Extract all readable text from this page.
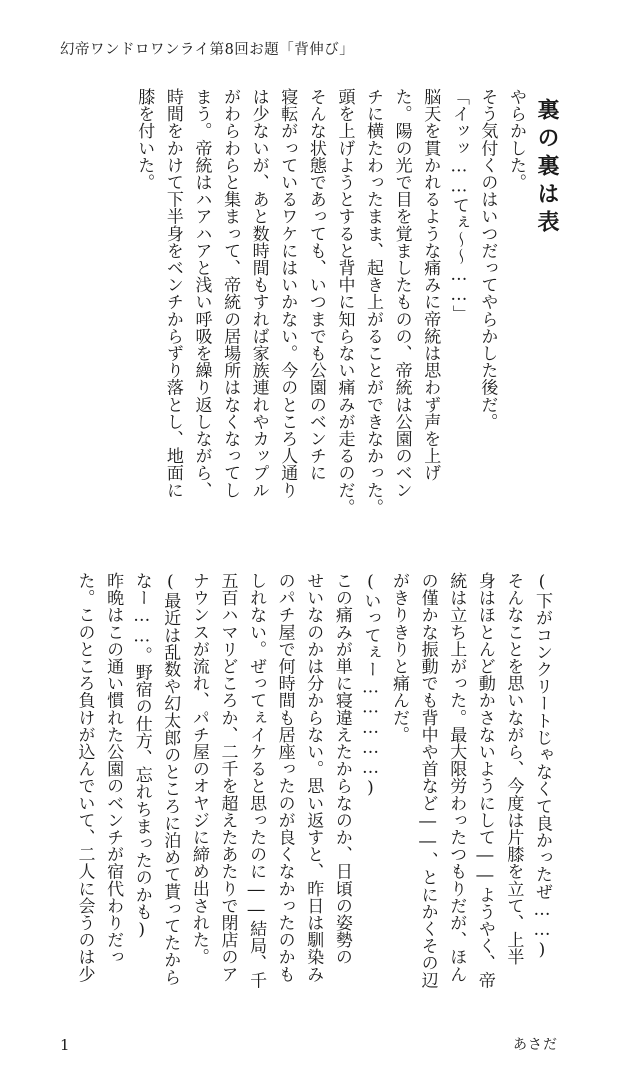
幻帝ワンドロワンライ第8回お題「背伸び」
裏の裏は表
やらかした。
そう気付くのはいつだってやらかした後だ。
「イッッ……てぇ〜〜……」
脳天を貫かれるような痛みに帝統は思わず声を上げ
た。陽の光で目を覚ましたものの、帝統は公園のベン
チに横たわったまま、起き上がることができなかった。
頭を上げようとすると背中に知らない痛みが走るのだ。
そんな状態であっても、いつまでも公園のベンチに
寝転がっているワケにはいかない。今のところ人通り
は少ないが、あと数時間もすれば家族連れやカップル
がわらわらと集まって、帝統の居場所はなくなってし
まう。帝統はハアハアと浅い呼吸を繰り返しながら、
時間をかけて下半身をベンチからずり落とし、地面に
膝を付いた。
(下がコンクリートじゃなくて良かったぜ……)
そんなことを思いながら、今度は片膝を立て、上半
身はほとんど動かさないようにして――ようやく、帝
統は立ち上がった。最大限労わったつもりだが、ほん
の僅かな振動でも背中や首など――、とにかくその辺
がきりきりと痛んだ。
(いってぇー……………)
この痛みが単に寝違えたからなのか、日頃の姿勢の
せいなのかは分からない。思い返すと、昨日は馴染み
のパチ屋で何時間も居座ったのが良くなかったのかも
しれない。ぜってぇイケると思ったのに――結局、千
五百ハマリどころか、二千を超えたあたりで閉店のア
ナウンスが流れ、パチ屋のオヤジに締め出された。
(最近は乱数や幻太郎のところに泊めて貰ってたから
なー……。野宿の仕方、忘れちまったのかも)
昨晩はこの通い慣れた公園のベンチが宿代わりだっ
た。このところ負けが込んでいて、二人に会うのは少
1	あさだ
